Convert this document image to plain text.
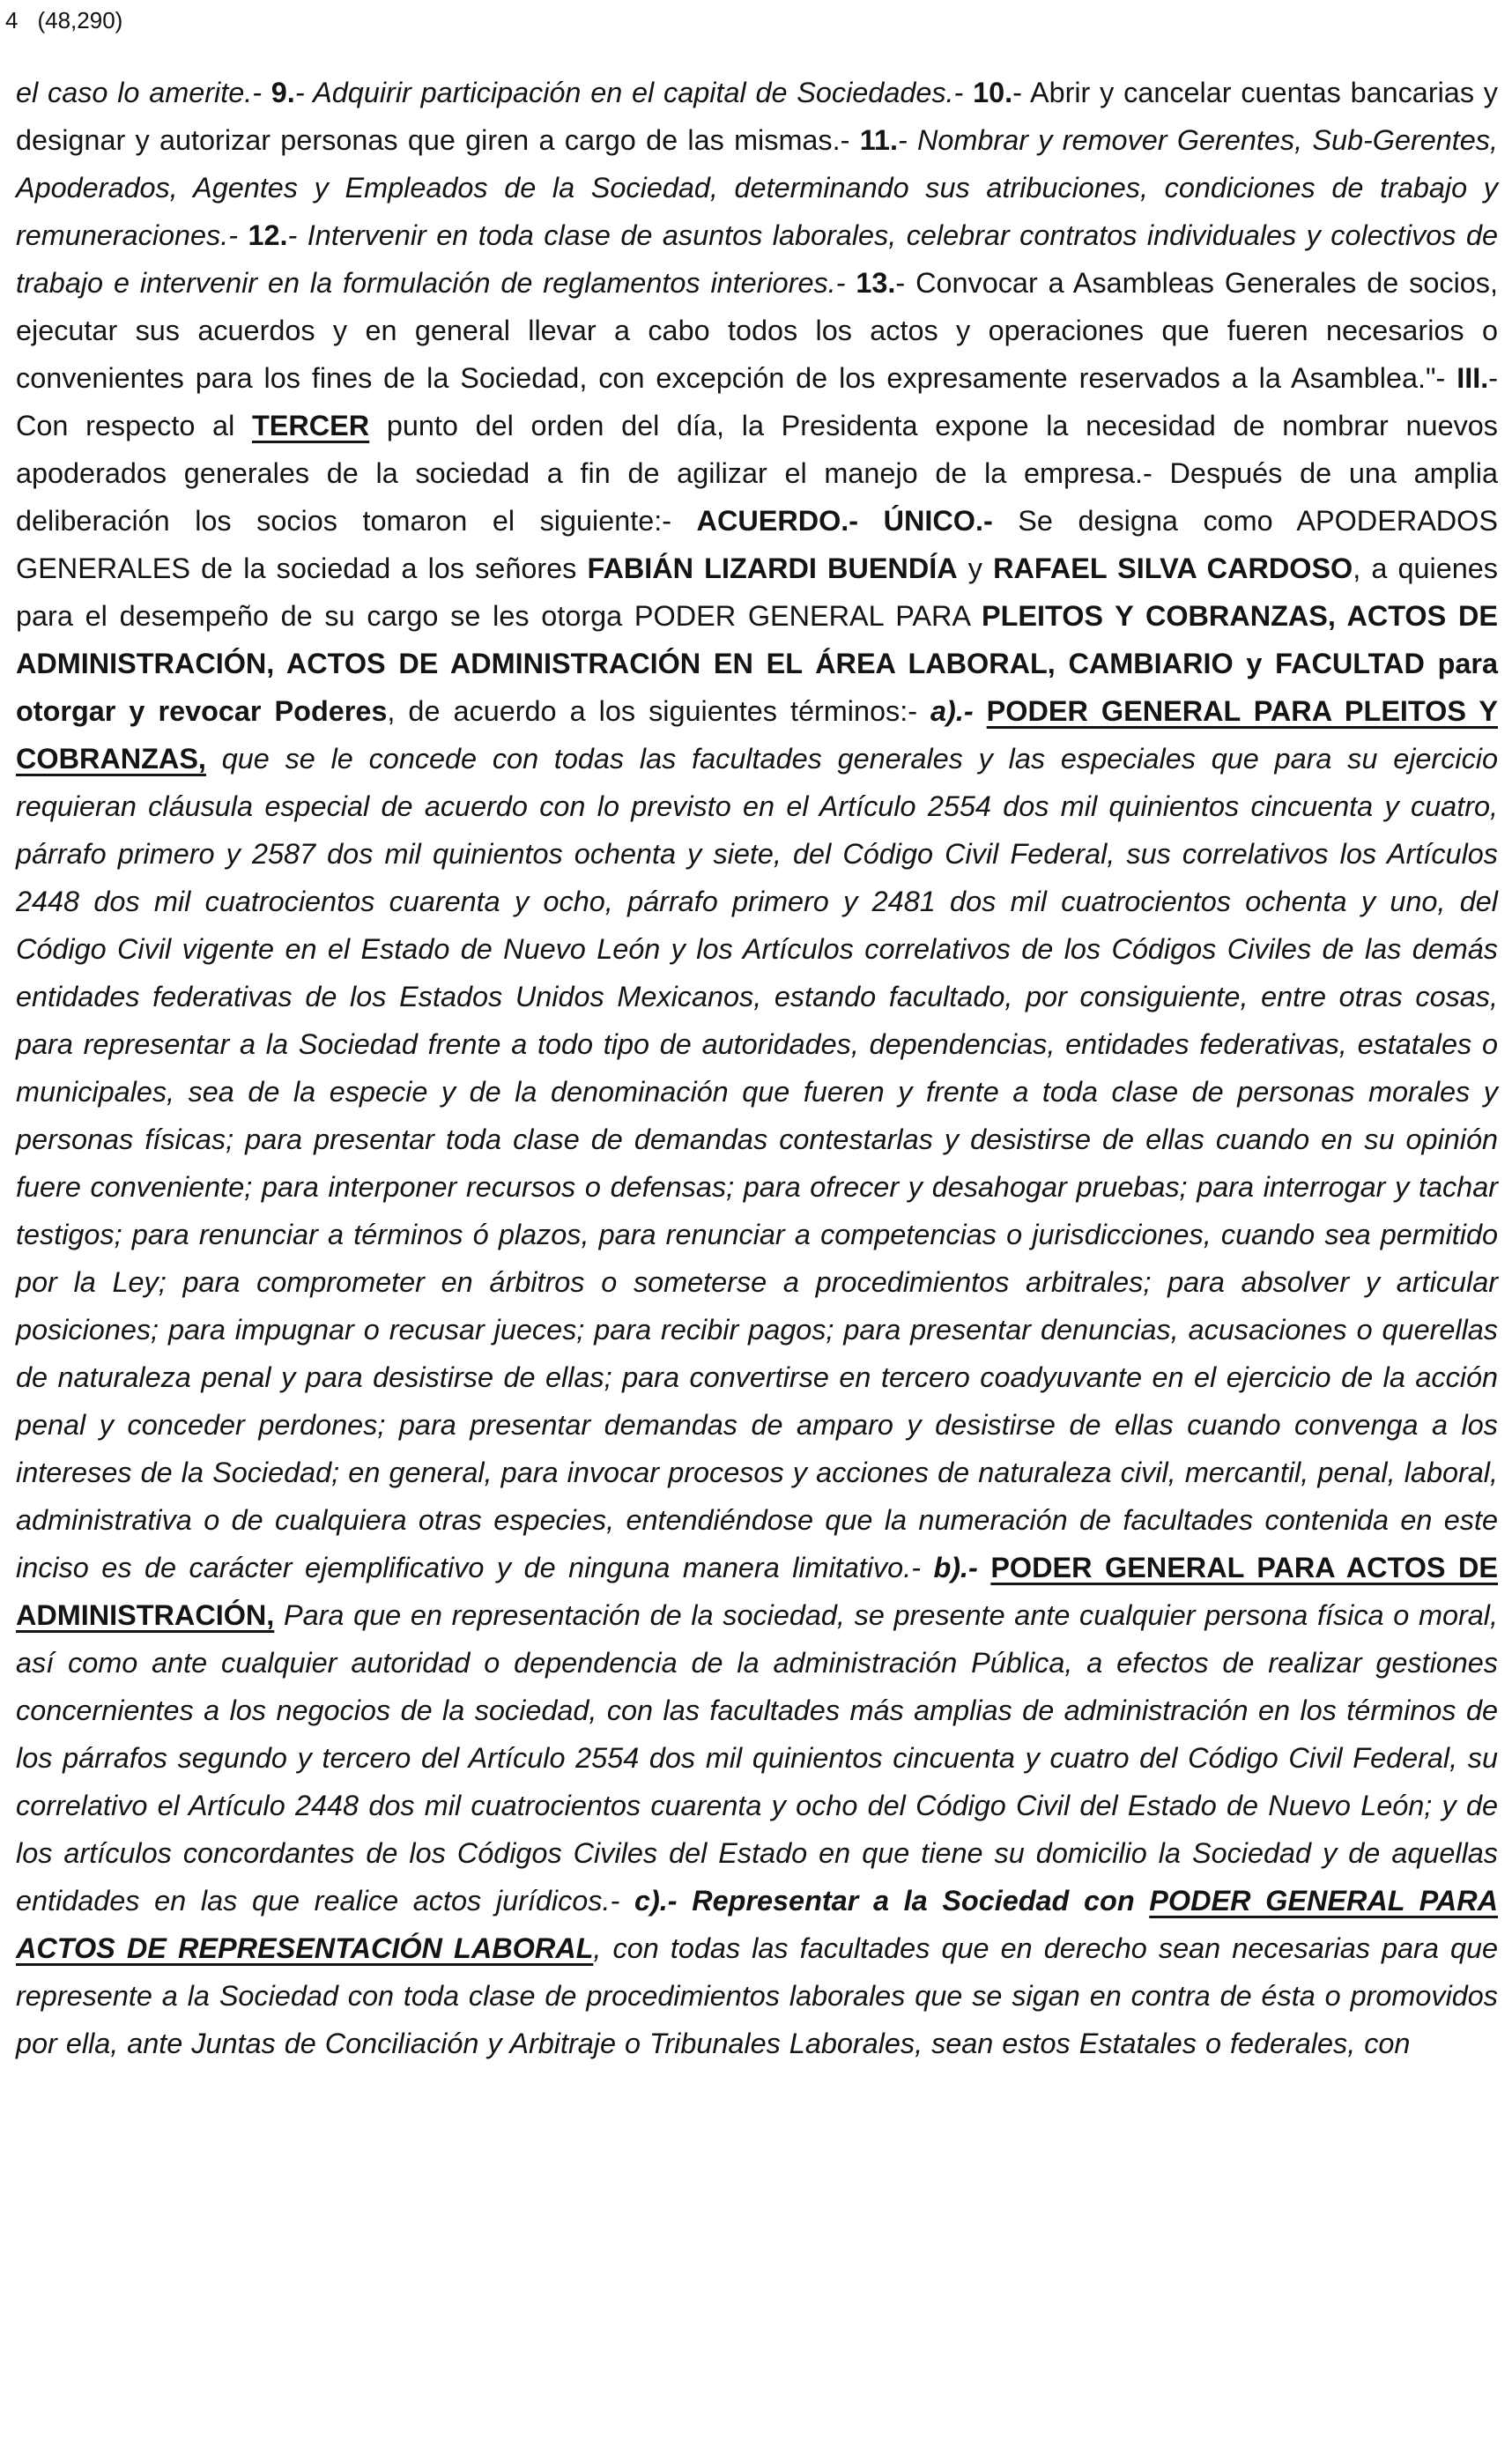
4 (48,290)

el caso lo amerite.- 9.- Adquirir participación en el capital de Sociedades.- 10.- Abrir y cancelar cuentas bancarias y designar y autorizar personas que giren a cargo de las mismas.- 11.- Nombrar y remover Gerentes, Sub-Gerentes, Apoderados, Agentes y Empleados de la Sociedad, determinando sus atribuciones, condiciones de trabajo y remuneraciones.- 12.- Intervenir en toda clase de asuntos laborales, celebrar contratos individuales y colectivos de trabajo e intervenir en la formulación de reglamentos interiores.- 13.- Convocar a Asambleas Generales de socios, ejecutar sus acuerdos y en general llevar a cabo todos los actos y operaciones que fueren necesarios o convenientes para los fines de la Sociedad, con excepción de los expresamente reservados a la Asamblea."- III.- Con respecto al TERCER punto del orden del día, la Presidenta expone la necesidad de nombrar nuevos apoderados generales de la sociedad a fin de agilizar el manejo de la empresa.- Después de una amplia deliberación los socios tomaron el siguiente:- ACUERDO.- ÚNICO.- Se designa como APODERADOS GENERALES de la sociedad a los señores FABIÁN LIZARDI BUENDÍA y RAFAEL SILVA CARDOSO, a quienes para el desempeño de su cargo se les otorga PODER GENERAL PARA PLEITOS Y COBRANZAS, ACTOS DE ADMINISTRACIÓN, ACTOS DE ADMINISTRACIÓN EN EL ÁREA LABORAL, CAMBIARIO y FACULTAD para otorgar y revocar Poderes, de acuerdo a los siguientes términos:- a).- PODER GENERAL PARA PLEITOS Y COBRANZAS, que se le concede con todas las facultades generales y las especiales que para su ejercicio requieran cláusula especial de acuerdo con lo previsto en el Artículo 2554 dos mil quinientos cincuenta y cuatro, párrafo primero y 2587 dos mil quinientos ochenta y siete, del Código Civil Federal, sus correlativos los Artículos 2448 dos mil cuatrocientos cuarenta y ocho, párrafo primero y 2481 dos mil cuatrocientos ochenta y uno, del Código Civil vigente en el Estado de Nuevo León y los Artículos correlativos de los Códigos Civiles de las demás entidades federativas de los Estados Unidos Mexicanos, estando facultado, por consiguiente, entre otras cosas, para representar a la Sociedad frente a todo tipo de autoridades, dependencias, entidades federativas, estatales o municipales, sea de la especie y de la denominación que fueren y frente a toda clase de personas morales y personas físicas; para presentar toda clase de demandas contestarlas y desistirse de ellas cuando en su opinión fuere conveniente; para interponer recursos o defensas; para ofrecer y desahogar pruebas; para interrogar y tachar testigos; para renunciar a términos ó plazos, para renunciar a competencias o jurisdicciones, cuando sea permitido por la Ley; para comprometer en árbitros o someterse a procedimientos arbitrales; para absolver y articular posiciones; para impugnar o recusar jueces; para recibir pagos; para presentar denuncias, acusaciones o querellas de naturaleza penal y para desistirse de ellas; para convertirse en tercero coadyuvante en el ejercicio de la acción penal y conceder perdones; para presentar demandas de amparo y desistirse de ellas cuando convenga a los intereses de la Sociedad; en general, para invocar procesos y acciones de naturaleza civil, mercantil, penal, laboral, administrativa o de cualquiera otras especies, entendiéndose que la numeración de facultades contenida en este inciso es de carácter ejemplificativo y de ninguna manera limitativo.- b).- PODER GENERAL PARA ACTOS DE ADMINISTRACIÓN, Para que en representación de la sociedad, se presente ante cualquier persona física o moral, así como ante cualquier autoridad o dependencia de la administración Pública, a efectos de realizar gestiones concernientes a los negocios de la sociedad, con las facultades más amplias de administración en los términos de los párrafos segundo y tercero del Artículo 2554 dos mil quinientos cincuenta y cuatro del Código Civil Federal, su correlativo el Artículo 2448 dos mil cuatrocientos cuarenta y ocho del Código Civil del Estado de Nuevo León; y de los artículos concordantes de los Códigos Civiles del Estado en que tiene su domicilio la Sociedad y de aquellas entidades en las que realice actos jurídicos.- c).- Representar a la Sociedad con PODER GENERAL PARA ACTOS DE REPRESENTACIÓN LABORAL, con todas las facultades que en derecho sean necesarias para que represente a la Sociedad con toda clase de procedimientos laborales que se sigan en contra de ésta o promovidos por ella, ante Juntas de Conciliación y Arbitraje o Tribunales Laborales, sean estos Estatales o federales, con
